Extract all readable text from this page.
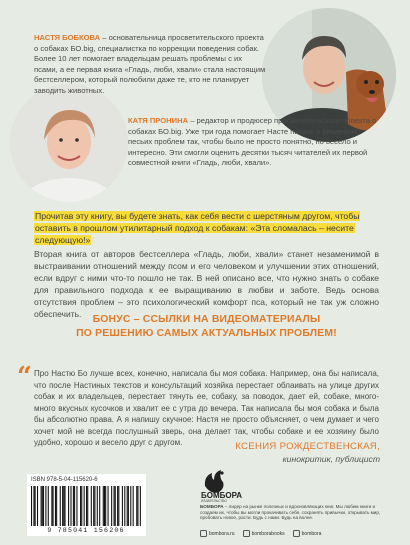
НАСТЯ БОБКОВА – основательница просветительского проекта о собаках БО.big, специалистка по коррекции поведения собак. Более 10 лет помогает владельцам решать проблемы с их псами, а ее первая книга «Гладь, люби, хвали» стала настоящим бестселлером, который полюбили даже те, кто не планирует заводить животных.
КАТЯ ПРОНИНА – редактор и продюсер просветительского проекта о собаках БО.big. Уже три года помогает Насте писать о решениях песьих проблем так, чтобы было не просто понятно, но весело и интересно. Эти смогли оценить десятки тысяч читателей их первой совместной книги «Гладь, люби, хвали».
Прочитав эту книгу, вы будете знать, как себя вести с шерстяным другом, чтобы оставить в прошлом утилитарный подход к собакам: «Эта сломалась – несите следующую!»
Вторая книга от авторов бестселлера «Гладь, люби, хвали» станет незаменимой в выстраивании отношений между псом и его человеком и улучшении этих отношений, если вдруг с ними что-то пошло не так. В ней описано все, что нужно знать о собаке для правильного подхода к ее выращиванию в любви и заботе. Ведь основа отсутствия проблем – это психологический комфорт пса, который не так уж сложно обеспечить.
БОНУС – ССЫЛКИ НА ВИДЕОМАТЕРИАЛЫ
ПО РЕШЕНИЮ САМЫХ АКТУАЛЬНЫХ ПРОБЛЕМ!
“ Про Настю Бо лучше всех, конечно, написала бы моя собака. Например, она бы написала, что после Настиных текстов и консультаций хозяйка перестает облаивать на улице других собак и их владельцев, перестает тянуть ее, собаку, за поводок, дает ей, собаке, много-много вкусных кусочков и хвалит ее с утра до вечера. Так написала бы моя собака и была бы абсолютно права. А я напишу скучное: Настя не просто объясняет, о чем думает и чего хочет мой не всегда послушный зверь, она делает так, чтобы собаке и ее хозяину было удобно, хорошо и весело друг с другом.	КСЕНИЯ РОЖДЕСТВЕНСКАЯ,
кинокритик, публицист
ISBN 978-5-04-115620-6
9 785041 156206
БОМБОРА
ИЗДАТЕЛЬСТВО
БОМБОРА – лидер на рынке полезных и вдохновляющих книг. Мы любим книги и создаем их, чтобы вы могли прокачивать себя, сохранять привычки, открывать мир, пробовать новое, расти. Будь с нами. Будь на волне.
bombora.ru	bomborabooks	bombora
